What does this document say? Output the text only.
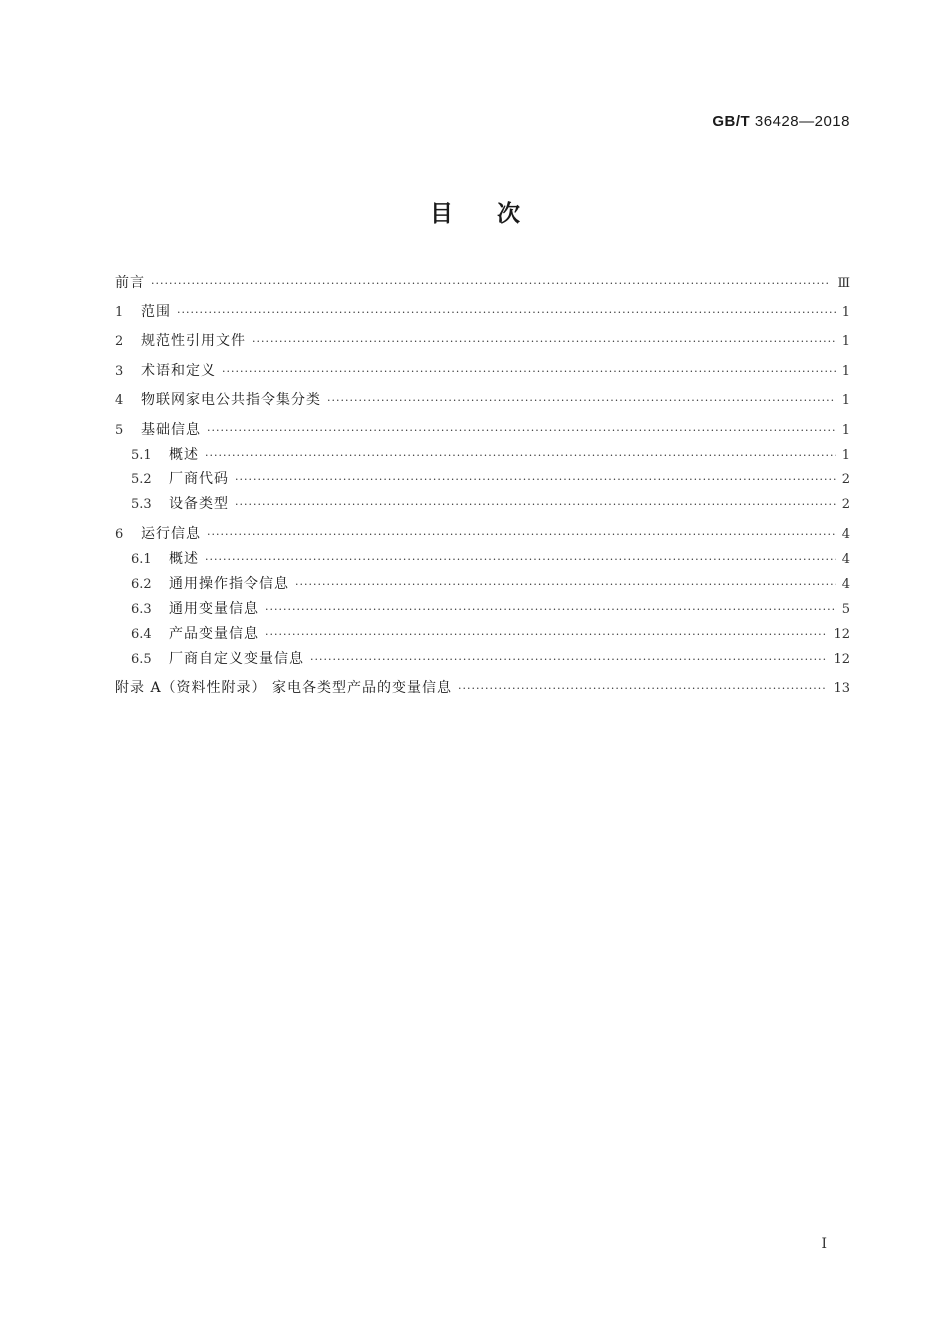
GB/T 36428—2018
目次
前言 ·····	Ⅲ
1	范围 ·····	1
2	规范性引用文件 ·····	1
3	术语和定义 ·····	1
4	物联网家电公共指令集分类 ·····	1
5	基础信息 ·····	1
5.1	概述 ·····	1
5.2	厂商代码 ·····	2
5.3	设备类型 ·····	2
6	运行信息 ·····	4
6.1	概述 ·····	4
6.2	通用操作指令信息 ·····	4
6.3	通用变量信息 ·····	5
6.4	产品变量信息 ·····	12
6.5	厂商自定义变量信息 ·····	12
附录 A（资料性附录） 家电各类型产品的变量信息 ·····	13
Ⅰ
